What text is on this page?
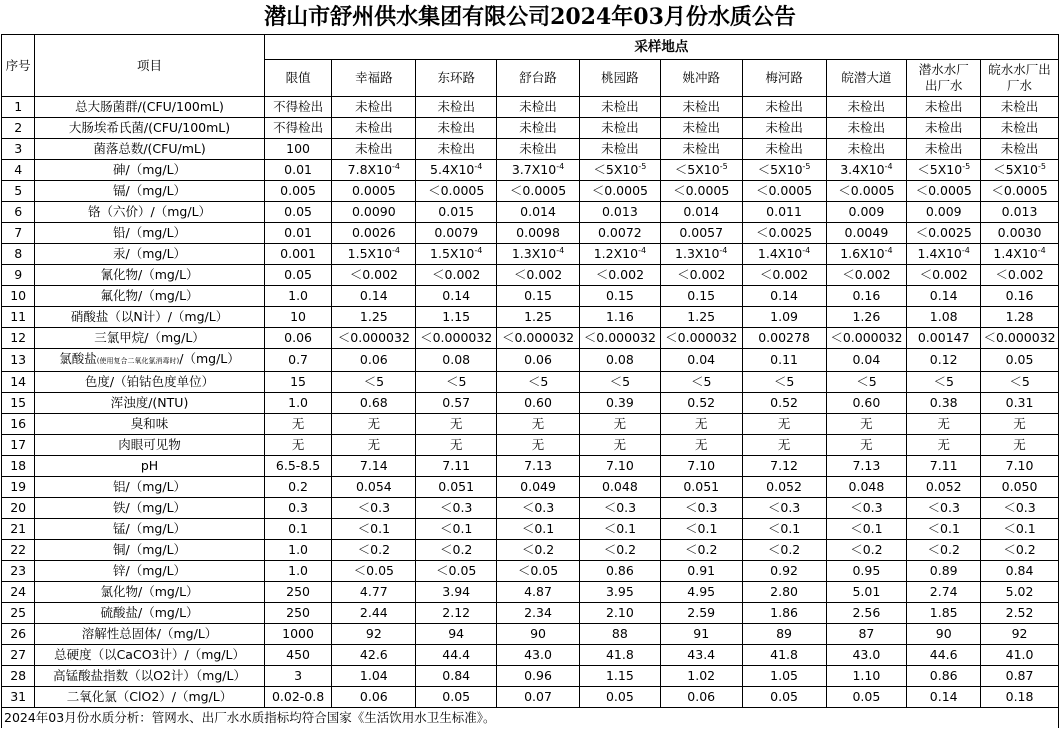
潜山市舒州供水集团有限公司2024年03月份水质公告
序号	项目	采样地点									
		限值	幸福路	东环路	舒台路	桃园路	姚冲路	梅河路	皖潜大道	潜水水厂出厂水	皖水水厂出厂水
1	总大肠菌群/(CFU/100mL)	不得检出	未检出	未检出	未检出	未检出	未检出	未检出	未检出	未检出	未检出
2	大肠埃希氏菌/(CFU/100mL)	不得检出	未检出	未检出	未检出	未检出	未检出	未检出	未检出	未检出	未检出
3	菌落总数/(CFU/mL)	100	未检出	未检出	未检出	未检出	未检出	未检出	未检出	未检出	未检出
4	砷/（mg/L）	0.01	$7.8X10^{-4}$	$5.4X10^{-4}$	$3.7X10^{-4}$	$<5X10^{-5}$	$<5X10^{-5}$	$<5X10^{-5}$	$3.4X10^{-4}$	$<5X10^{-5}$	$<5X10^{-5}$
5	镉/（mg/L）	0.005	0.0005	＜0.0005	＜0.0005	＜0.0005	＜0.0005	＜0.0005	＜0.0005	＜0.0005	＜0.0005
6	铬（六价）/（mg/L）	0.05	0.0090	0.015	0.014	0.013	0.014	0.011	0.009	0.009	0.013
7	铅/（mg/L）	0.01	0.0026	0.0079	0.0098	0.0072	0.0057	＜0.0025	0.0049	＜0.0025	0.0030
8	汞/（mg/L）	0.001	$1.5X10^{-4}$	$1.5X10^{-4}$	$1.3X10^{-4}$	$1.2X10^{-4}$	$1.3X10^{-4}$	$1.4X10^{-4}$	$1.6X10^{-4}$	$1.4X10^{-4}$	$1.4X10^{-4}$
9	氰化物/（mg/L）	0.05	＜0.002	＜0.002	＜0.002	＜0.002	＜0.002	＜0.002	＜0.002	＜0.002	＜0.002
10	氟化物/（mg/L）	1.0	0.14	0.14	0.15	0.15	0.15	0.14	0.16	0.14	0.16
11	硝酸盐（以N计）/（mg/L）	10	1.25	1.15	1.25	1.16	1.25	1.09	1.26	1.08	1.28
12	三氯甲烷/（mg/L）	0.06	＜0.000032	＜0.000032	＜0.000032	＜0.000032	＜0.000032	0.00278	＜0.000032	0.00147	＜0.000032
13	氯酸盐(使用复合二氧化氯消毒时)/（mg/L）	0.7	0.06	0.08	0.06	0.08	0.04	0.11	0.04	0.12	0.05
14	色度/（铂钴色度单位）	15	＜5	＜5	＜5	＜5	＜5	＜5	＜5	＜5	＜5
15	浑浊度/(NTU)	1.0	0.68	0.57	0.60	0.39	0.52	0.52	0.60	0.38	0.31
16	臭和味	无	无	无	无	无	无	无	无	无	无
17	肉眼可见物	无	无	无	无	无	无	无	无	无	无
18	pH	6.5-8.5	7.14	7.11	7.13	7.10	7.10	7.12	7.13	7.11	7.10
19	铝/（mg/L）	0.2	0.054	0.051	0.049	0.048	0.051	0.052	0.048	0.052	0.050
20	铁/（mg/L）	0.3	＜0.3	＜0.3	＜0.3	＜0.3	＜0.3	＜0.3	＜0.3	＜0.3	＜0.3
21	锰/（mg/L）	0.1	＜0.1	＜0.1	＜0.1	＜0.1	＜0.1	＜0.1	＜0.1	＜0.1	＜0.1
22	铜/（mg/L）	1.0	＜0.2	＜0.2	＜0.2	＜0.2	＜0.2	＜0.2	＜0.2	＜0.2	＜0.2
23	锌/（mg/L）	1.0	＜0.05	＜0.05	＜0.05	0.86	0.91	0.92	0.95	0.89	0.84
24	氯化物/（mg/L）	250	4.77	3.94	4.87	3.95	4.95	2.80	5.01	2.74	5.02
25	硫酸盐/（mg/L）	250	2.44	2.12	2.34	2.10	2.59	1.86	2.56	1.85	2.52
26	溶解性总固体/（mg/L）	1000	92	94	90	88	91	89	87	90	92
27	总硬度（以CaCO3计）/（mg/L）	450	42.6	44.4	43.0	41.8	43.4	41.8	43.0	44.6	41.0
28	高锰酸盐指数（以O2计）（mg/L）	3	1.04	0.84	0.96	1.15	1.02	1.05	1.10	0.86	0.87
31	二氧化氯（ClO2）/（mg/L）	0.02-0.8	0.06	0.05	0.07	0.05	0.06	0.05	0.05	0.14	0.18
2024年03月份水质分析：管网水、出厂水水质指标均符合国家《生活饮用水卫生标准》。											
